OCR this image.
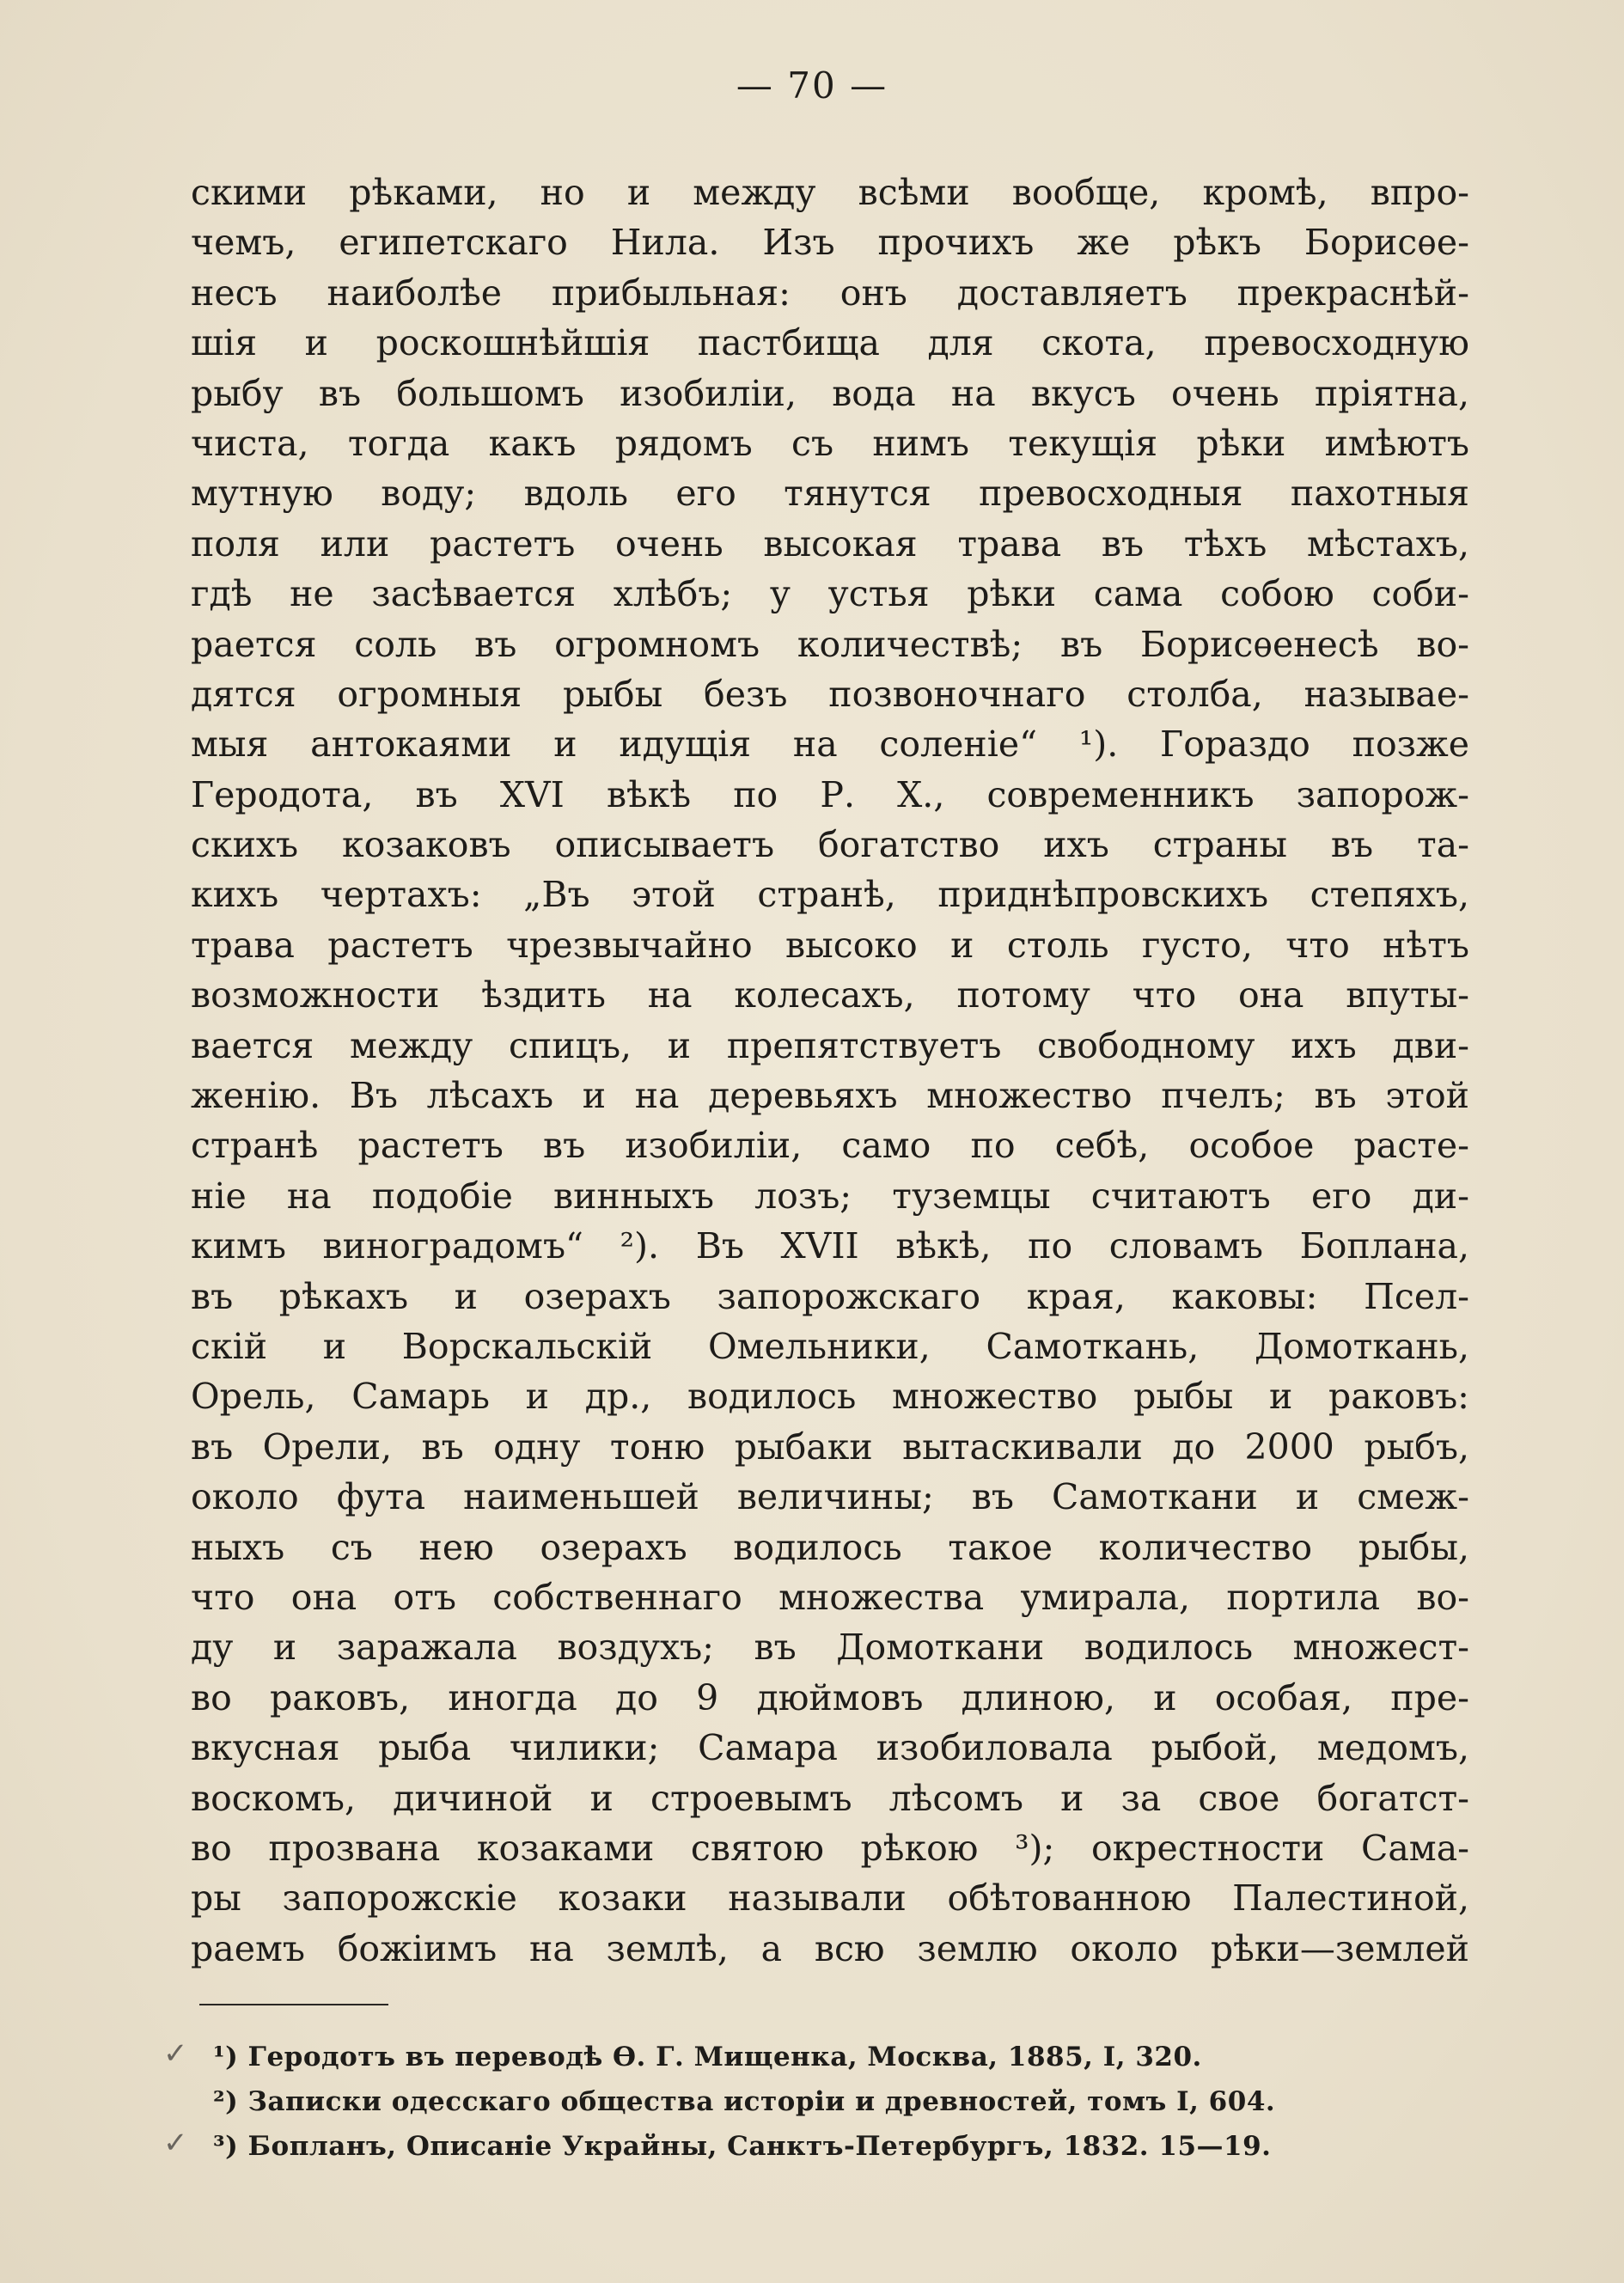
— 70 —
скими рѣками, но и между всѣми вообще, кромѣ, впро-
чемъ, египетскаго Нила. Изъ прочихъ же рѣкъ Борисѳе-
несъ наиболѣе прибыльная: онъ доставляетъ прекраснѣй-
шія и роскошнѣйшія пастбища для скота, превосходную
рыбу въ большомъ изобиліи, вода на вкусъ очень пріятна,
чиста, тогда какъ рядомъ съ нимъ текущія рѣки имѣютъ
мутную воду; вдоль его тянутся превосходныя пахотныя
поля или растетъ очень высокая трава въ тѣхъ мѣстахъ,
гдѣ не засѣвается хлѣбъ; у устья рѣки сама собою соби-
рается соль въ огромномъ количествѣ; въ Борисѳенесѣ во-
дятся огромныя рыбы безъ позвоночнаго столба, называе-
мыя антокаями и идущія на соленіе“ ¹). Гораздо позже
Геродота, въ XVI вѣкѣ по Р. Х., современникъ запорож-
скихъ козаковъ описываетъ богатство ихъ страны въ та-
кихъ чертахъ: „Въ этой странѣ, приднѣпровскихъ степяхъ,
трава растетъ чрезвычайно высоко и столь густо, что нѣтъ
возможности ѣздить на колесахъ, потому что она впуты-
вается между спицъ, и препятствуетъ свободному ихъ дви-
женію. Въ лѣсахъ и на деревьяхъ множество пчелъ; въ этой
странѣ растетъ въ изобиліи, само по себѣ, особое расте-
ніе на подобіе винныхъ лозъ; туземцы считаютъ его ди-
кимъ виноградомъ“ ²). Въ XVII вѣкѣ, по словамъ Боплана,
въ рѣкахъ и озерахъ запорожскаго края, каковы: Псел-
скій и Ворскальскій Омельники, Самоткань, Домоткань,
Орель, Самарь и др., водилось множество рыбы и раковъ:
въ Орели, въ одну тоню рыбаки вытаскивали до 2000 рыбъ,
около фута наименьшей величины; въ Самоткани и смеж-
ныхъ съ нею озерахъ водилось такое количество рыбы,
что она отъ собственнаго множества умирала, портила во-
ду и заражала воздухъ; въ Домоткани водилось множест-
во раковъ, иногда до 9 дюймовъ длиною, и особая, пре-
вкусная рыба чилики; Самара изобиловала рыбой, медомъ,
воскомъ, дичиной и строевымъ лѣсомъ и за свое богатст-
во прозвана козаками святою рѣкою ³); окрестности Сама-
ры запорожскіе козаки называли обѣтованною Палестиной,
раемъ божіимъ на землѣ, а всю землю около рѣки—землей
✓
✓
¹) Геродотъ въ переводѣ Ѳ. Г. Мищенка, Москва, 1885, I, 320.
²) Записки одесскаго общества исторіи и древностей, томъ I, 604.
³) Бопланъ, Описаніе Украйны, Санктъ-Петербургъ, 1832. 15—19.
